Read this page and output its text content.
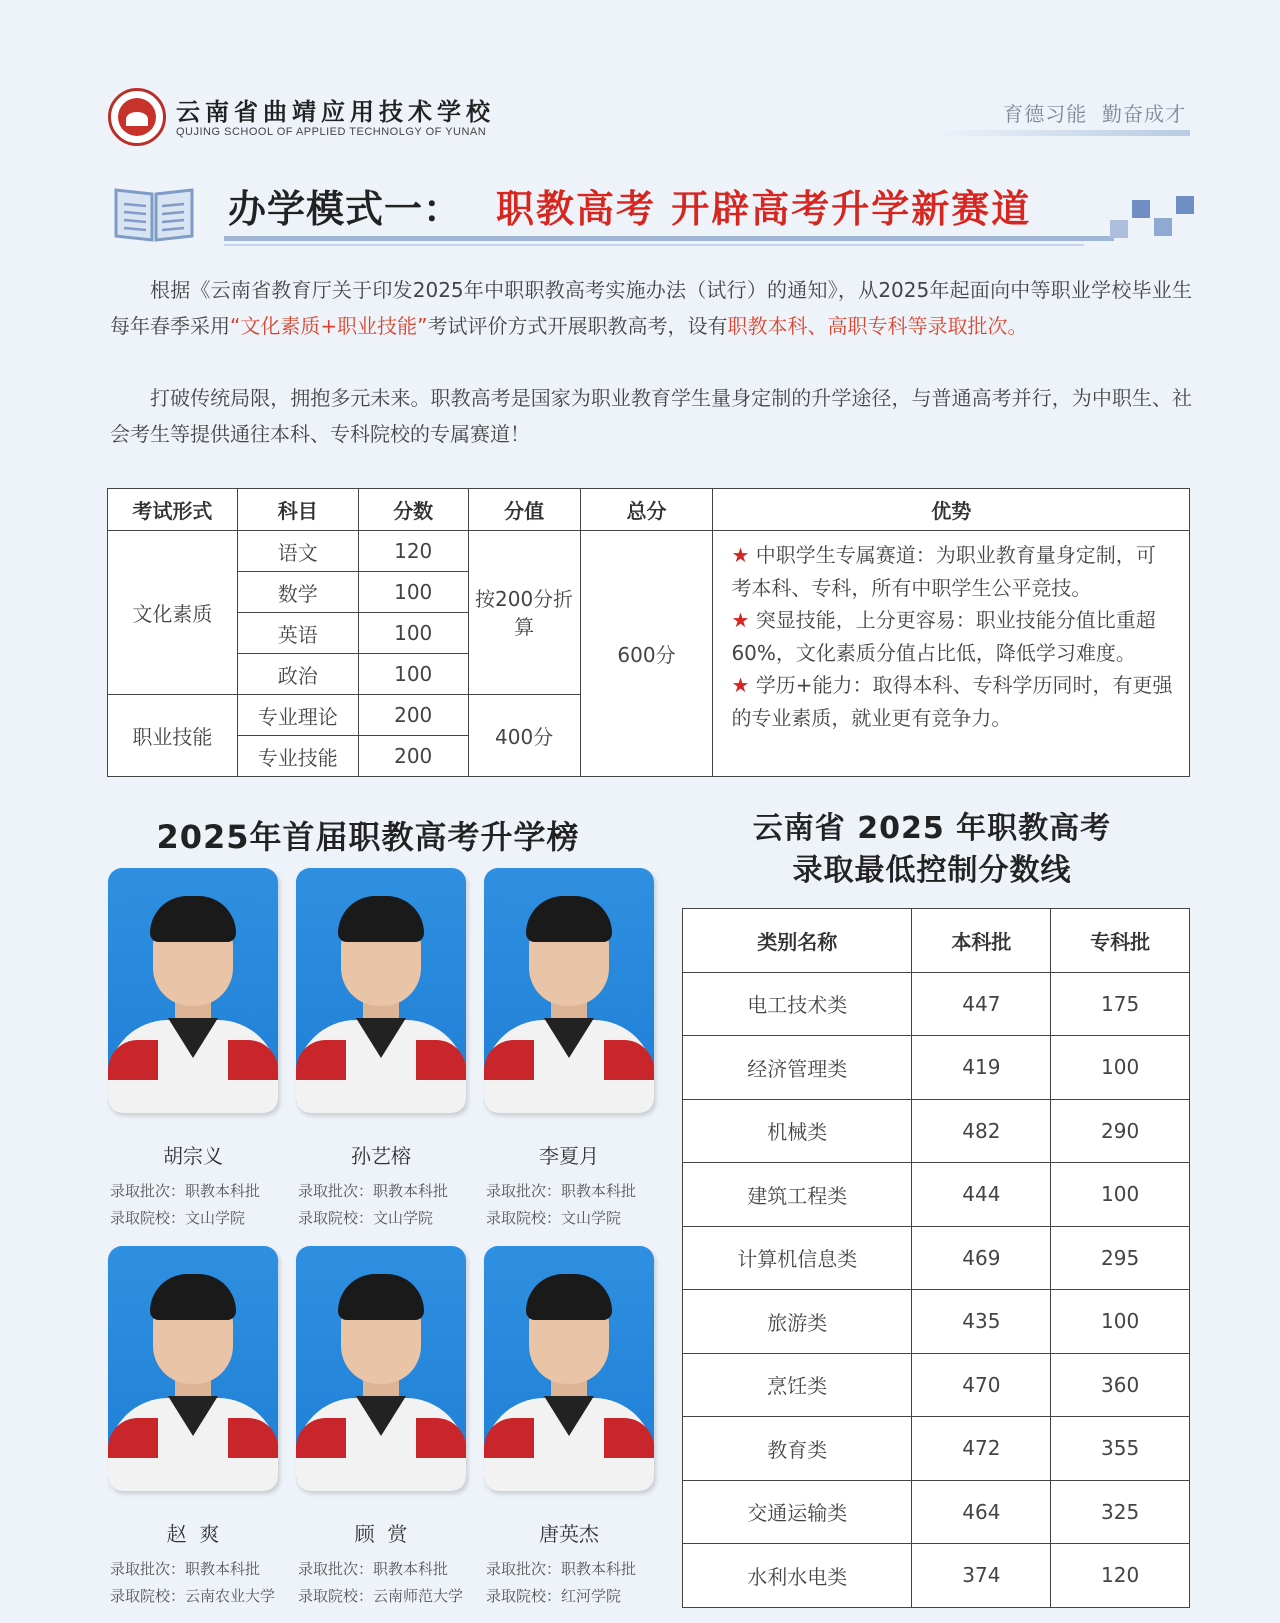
云南省曲靖应用技术学校
QUJING SCHOOL OF APPLIED TECHNOLGY OF YUNAN
育德习能  勤奋成才
办学模式一： 职教高考 开辟高考升学新赛道
根据《云南省教育厅关于印发2025年中职职教高考实施办法（试行）的通知》，从2025年起面向中等职业学校毕业生每年春季采用“文化素质+职业技能”考试评价方式开展职教高考，设有职教本科、高职专科等录取批次。
打破传统局限，拥抱多元未来。职教高考是国家为职业教育学生量身定制的升学途径，与普通高考并行，为中职生、社会考生等提供通往本科、专科院校的专属赛道！
考试形式	科目	分数	分值	总分	优势
文化素质	语文	120	按200分折算	600分	★ 中职学生专属赛道：为职业教育量身定制，可考本科、专科，所有中职学生公平竞技。
★ 突显技能，上分更容易：职业技能分值比重超 60%，文化素质分值占比低，降低学习难度。
★ 学历+能力：取得本科、专科学历同时，有更强的专业素质，就业更有竞争力。

	数学	100			
	英语	100			
	政治	100			
职业技能	专业理论	200	400分		
	专业技能	200			
2025年首届职教高考升学榜
胡宗义
录取批次：职教本科批
录取院校：文山学院
孙艺榕
录取批次：职教本科批
录取院校：文山学院
李夏月
录取批次：职教本科批
录取院校：文山学院
赵  爽
录取批次：职教本科批
录取院校：云南农业大学
顾  赏
录取批次：职教本科批
录取院校：云南师范大学
唐英杰
录取批次：职教本科批
录取院校：红河学院
云南省 2025 年职教高考
录取最低控制分数线
类别名称	本科批	专科批
电工技术类	447	175
经济管理类	419	100
机械类	482	290
建筑工程类	444	100
计算机信息类	469	295
旅游类	435	100
烹饪类	470	360
教育类	472	355
交通运输类	464	325
水利水电类	374	120
